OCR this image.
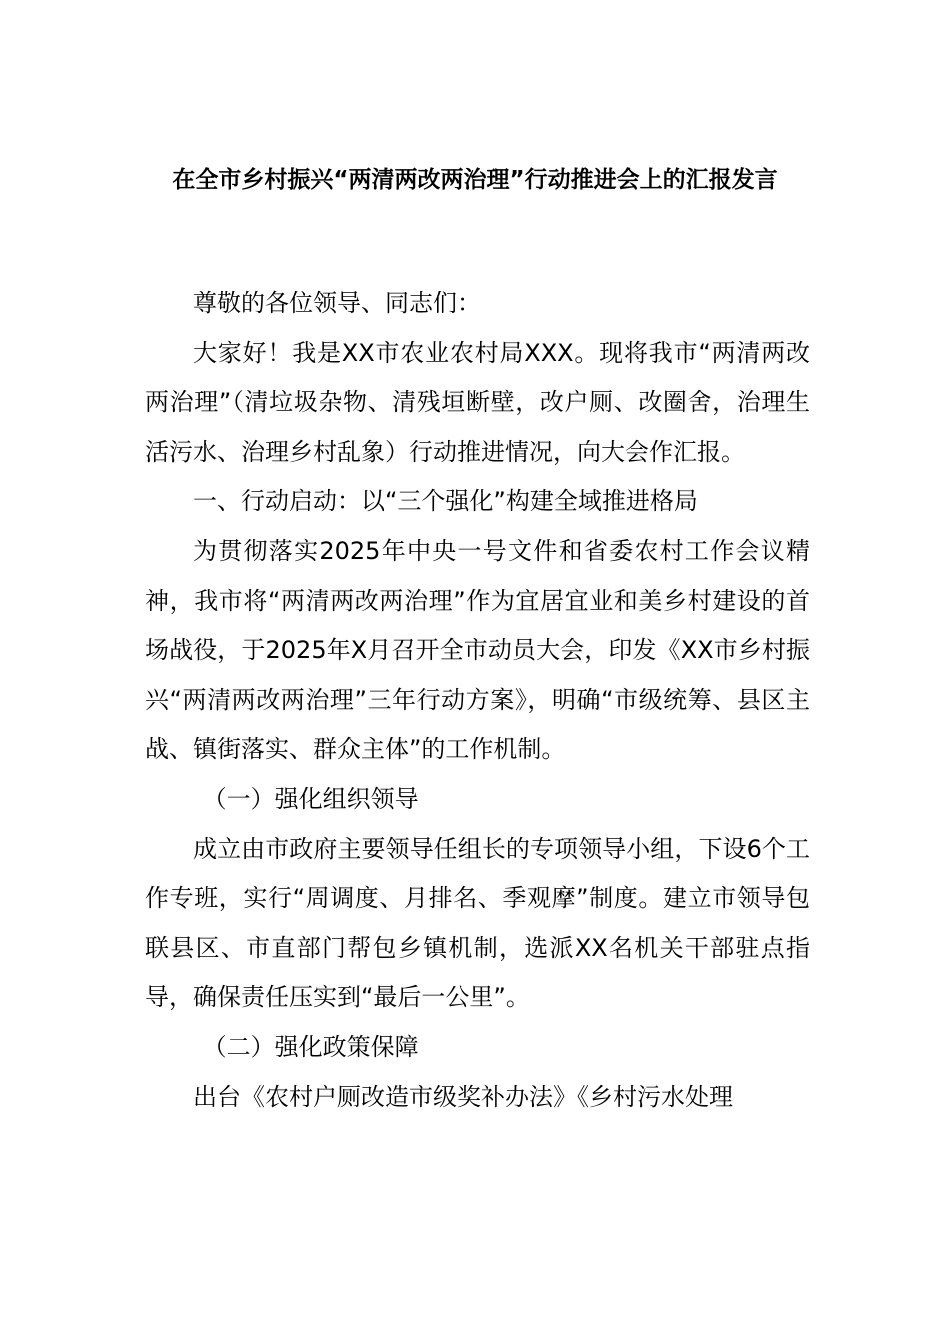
在全市乡村振兴“两清两改两治理”行动推进会上的汇报发言

尊敬的各位领导、同志们：

大家好！我是XX市农业农村局XXX。现将我市“两清两改两治理”（清垃圾杂物、清残垣断壁，改户厕、改圈舍，治理生活污水、治理乡村乱象）行动推进情况，向大会作汇报。

一、行动启动：以“三个强化”构建全域推进格局

为贯彻落实2025年中央一号文件和省委农村工作会议精神，我市将“两清两改两治理”作为宜居宜业和美乡村建设的首场战役，于2025年X月召开全市动员大会，印发《XX市乡村振兴“两清两改两治理”三年行动方案》，明确“市级统筹、县区主战、镇街落实、群众主体”的工作机制。

（一）强化组织领导

成立由市政府主要领导任组长的专项领导小组，下设6个工作专班，实行“周调度、月排名、季观摩”制度。建立市领导包联县区、市直部门帮包乡镇机制，选派XX名机关干部驻点指导，确保责任压实到“最后一公里”。

（二）强化政策保障

出台《农村户厕改造市级奖补办法》《乡村污水处理
